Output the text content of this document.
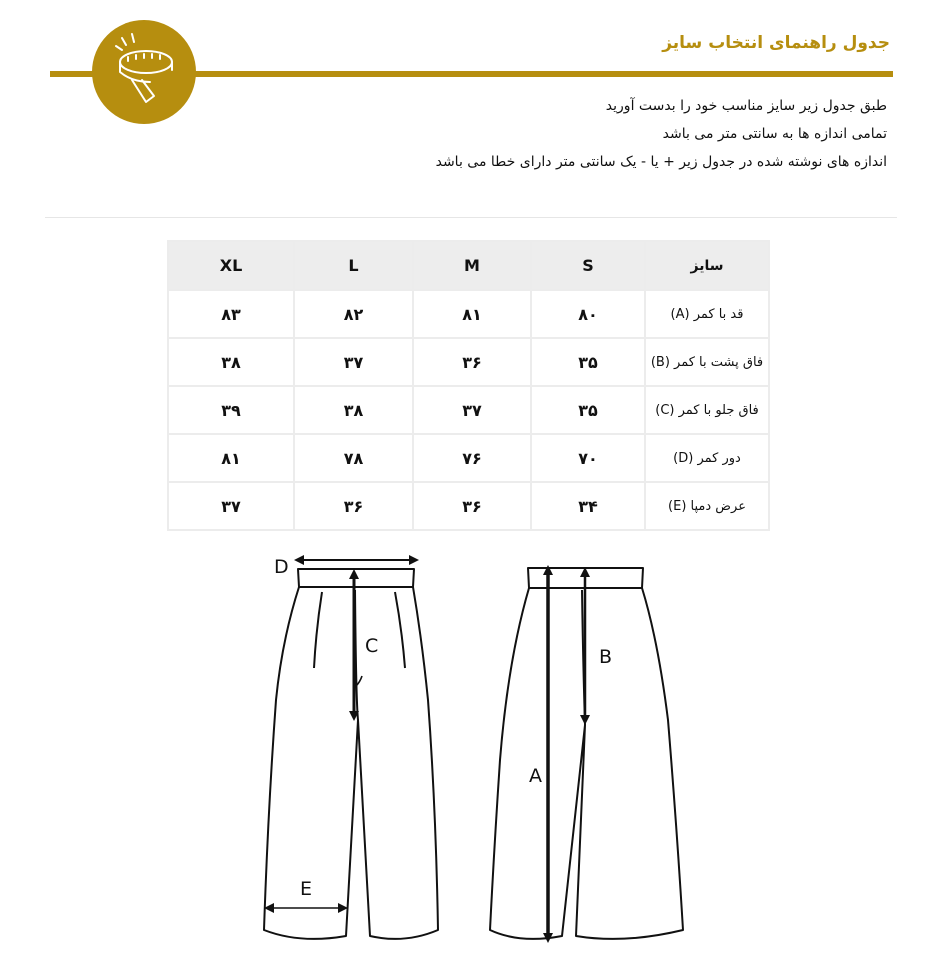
جدول راهنمای انتخاب سایز
طبق جدول زیر سایز مناسب خود را بدست آورید
تمامی اندازه ها به سانتی متر می باشد
اندازه های نوشته شده در جدول زیر + یا - یک سانتی متر دارای خطا می باشد
XL	L	M	S	سایز
۸۳	۸۲	۸۱	۸۰	قد با کمر (A)
۳۸	۳۷	۳۶	۳۵	فاق پشت با کمر (B)
۳۹	۳۸	۳۷	۳۵	فاق جلو با کمر (C)
۸۱	۷۸	۷۶	۷۰	دور کمر (D)
۳۷	۳۶	۳۶	۳۴	عرض دمپا (E)
D
C
E
A
B
